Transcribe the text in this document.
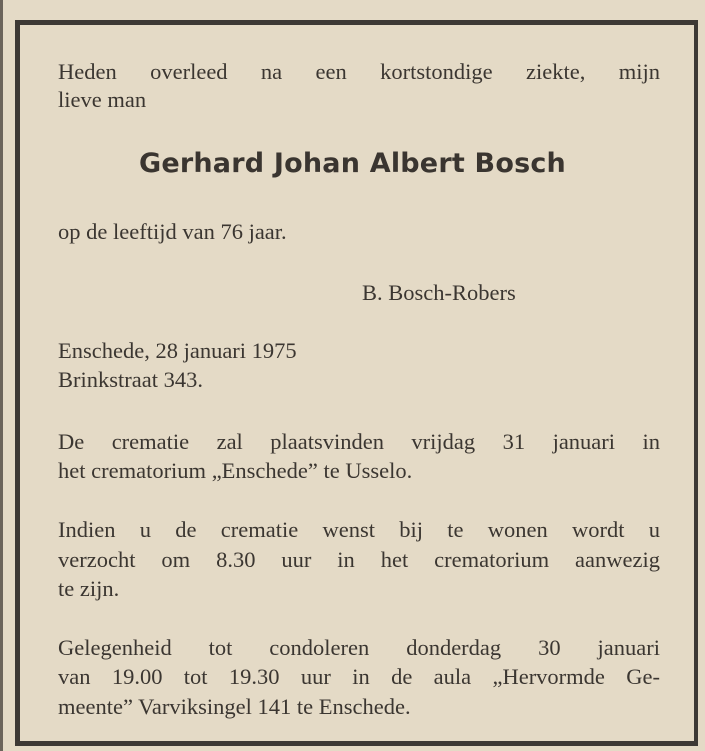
Heden overleed na een kortstondige ziekte, mijn
lieve man
Gerhard Johan Albert Bosch
op de leeftijd van 76 jaar.
B. Bosch-Robers
Enschede, 28 januari 1975
Brinkstraat 343.
De crematie zal plaatsvinden vrijdag 31 januari in
het crematorium „Enschede” te Usselo.
Indien u de crematie wenst bij te wonen wordt u
verzocht om 8.30 uur in het crematorium aanwezig
te zijn.
Gelegenheid tot condoleren donderdag 30 januari
van 19.00 tot 19.30 uur in de aula „Hervormde Ge-
meente” Varviksingel 141 te Enschede.
